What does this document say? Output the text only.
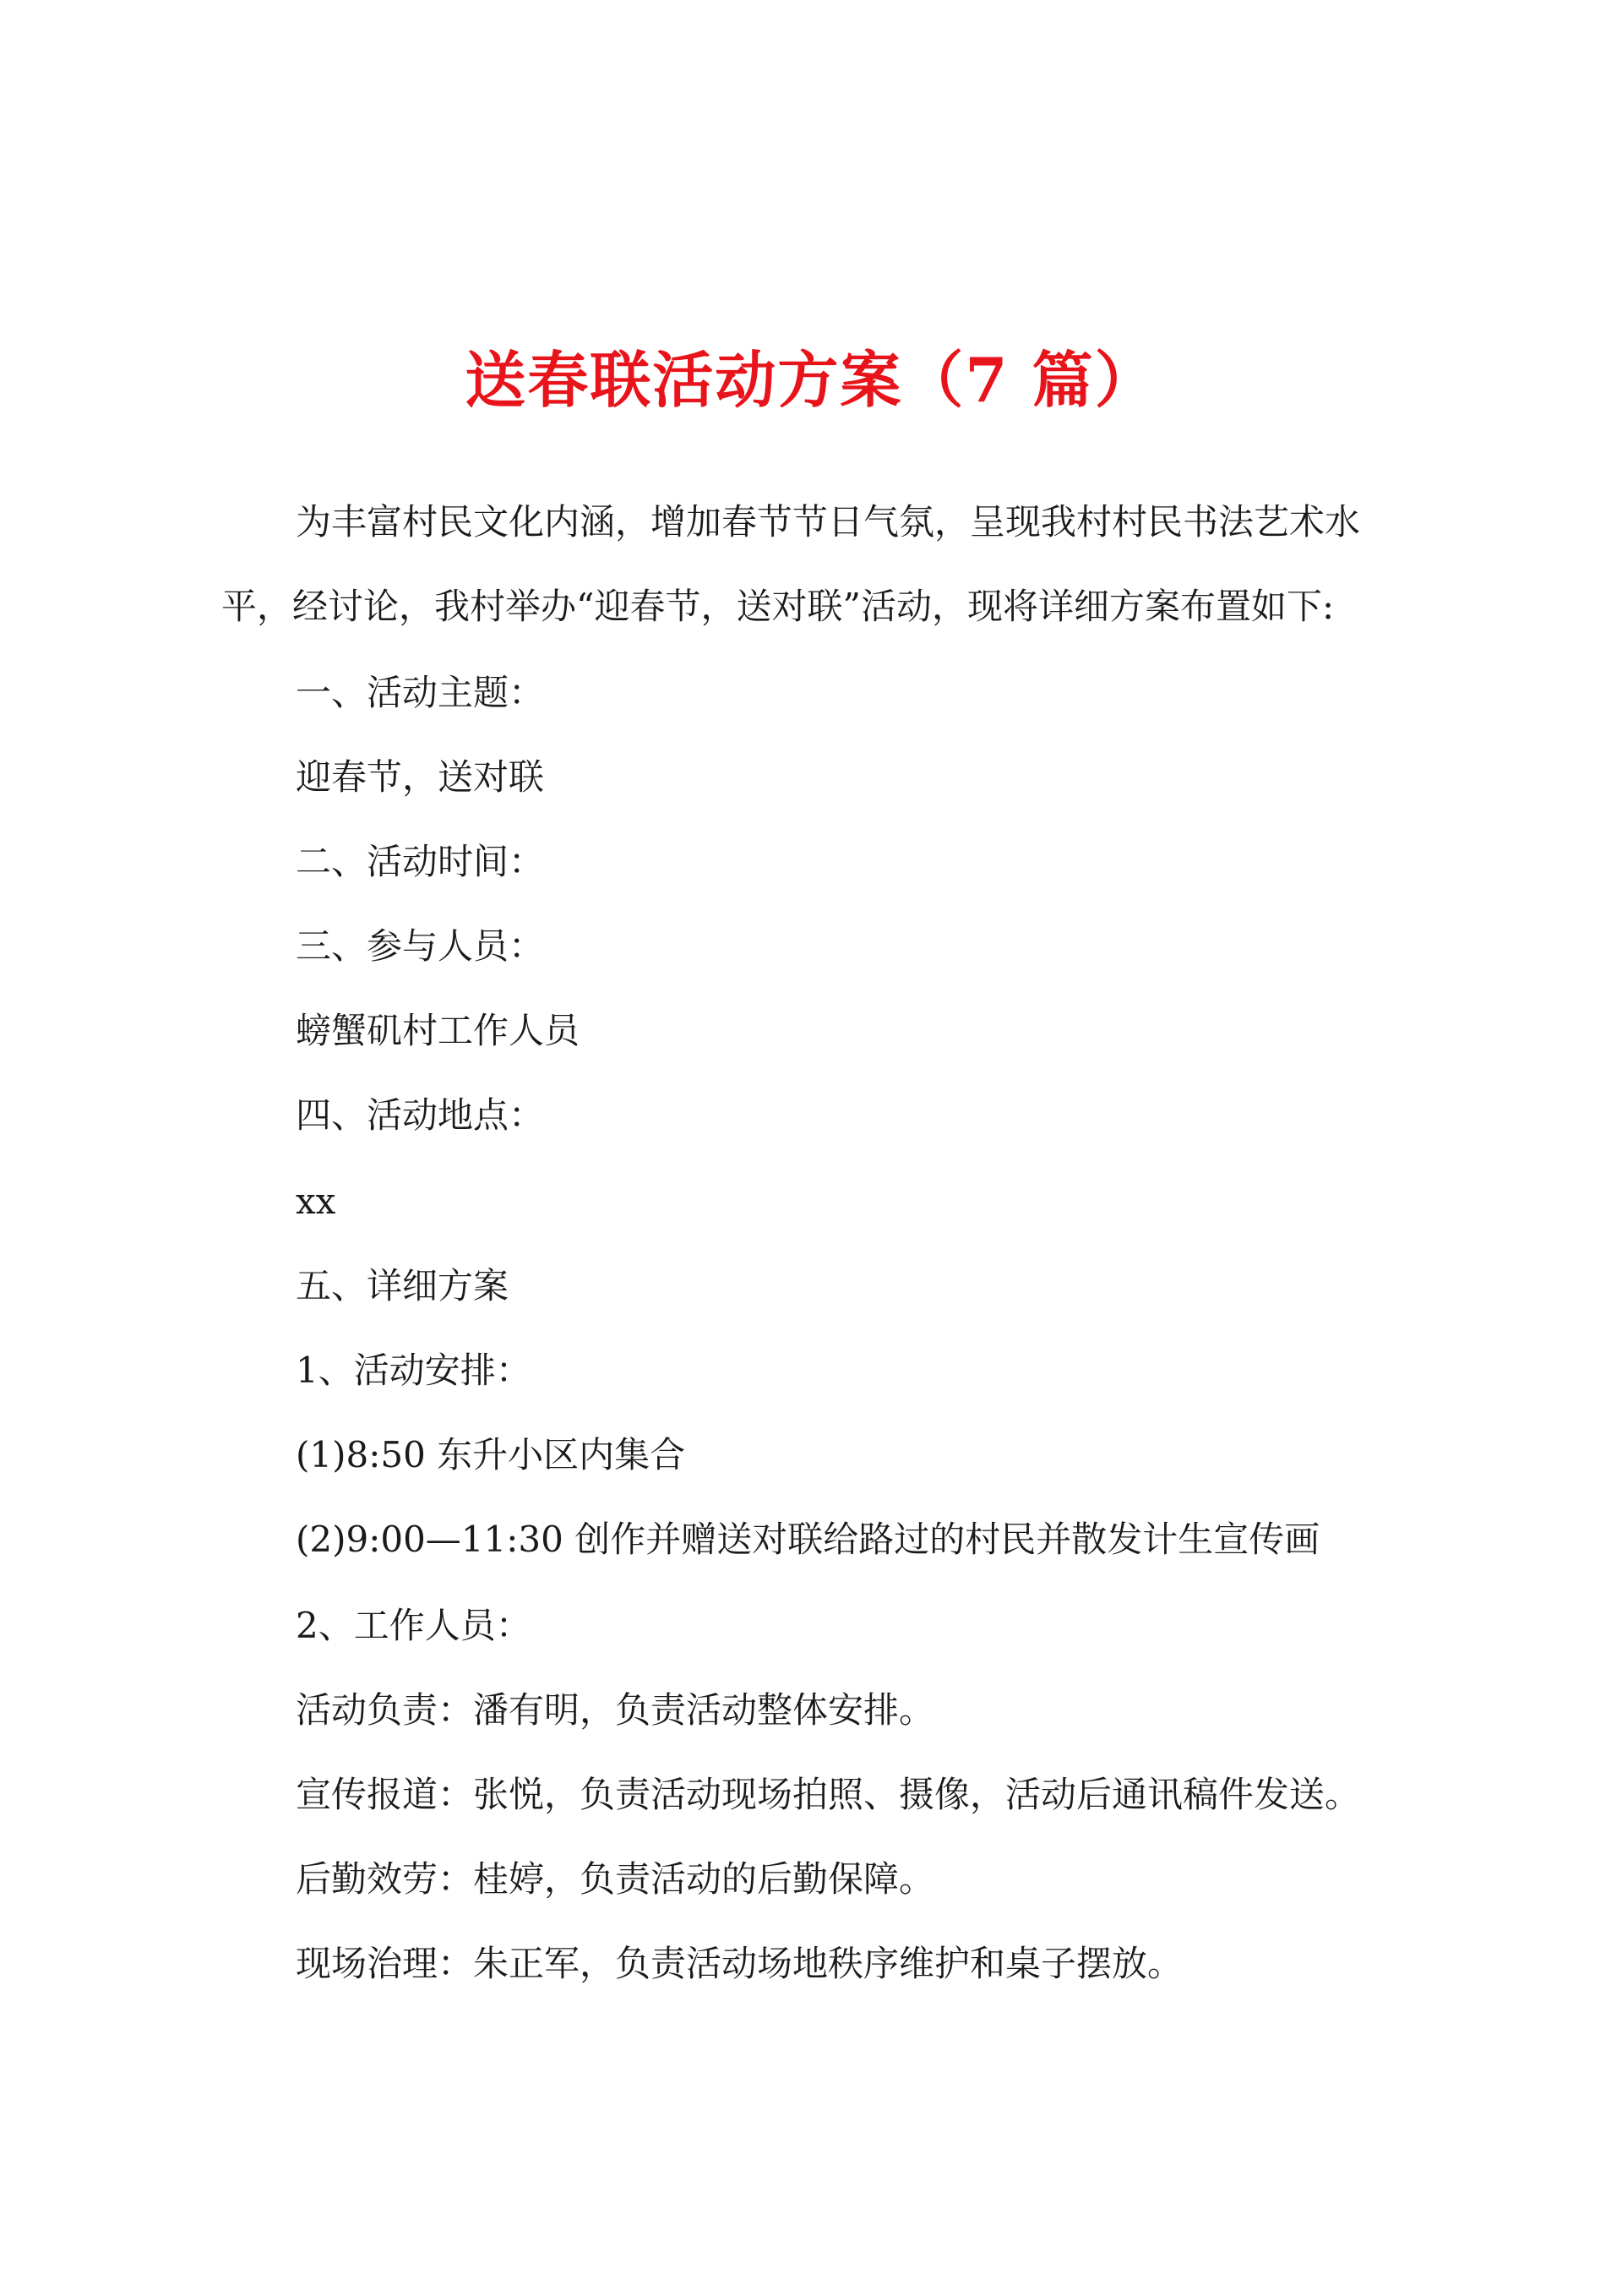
送春联活动方案（7 篇）

为丰富村民文化内涵，增加春节节日气氛，呈现我村村民书法艺术水

平，经讨论，我村举办“迎春节，送对联”活动，现将详细方案布置如下:

一、活动主题：

迎春节，送对联

二、活动时间：

三、参与人员：

螃蟹矶村工作人员

四、活动地点：

xx

五、详细方案

1、活动安排：

(1)8:50 东升小区内集合

(2)9:00—11:30 创作并赠送对联给路过的村民并散发计生宣传画

2、工作人员：

活动负责：潘有明，负责活动整体安排。

宣传报道：张悦，负责活动现场拍照、摄像，活动后通讯稿件发送。

后勤效劳：桂婷，负责活动的后勤保障。

现场治理：朱正军，负责活动场地秩序维护和桌子摆放。
